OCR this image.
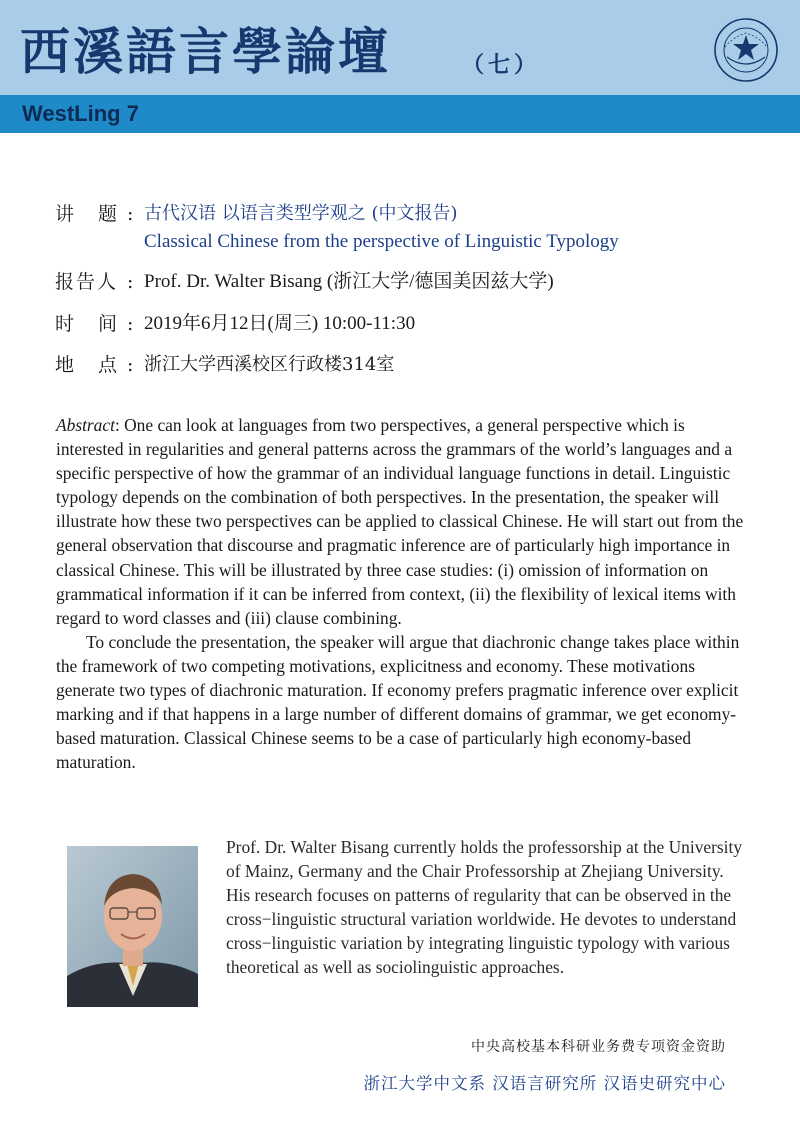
西溪語言學論壇	（七）
WestLing 7
讲 题 : 古代汉语 以语言类型学观之 (中文报告)
Classical Chinese from the perspective of Linguistic Typology
报告人 : Prof. Dr. Walter Bisang (浙江大学/德国美因兹大学)
时 间 : 2019年6月12日(周三) 10:00-11:30
地 点 : 浙江大学西溪校区行政楼314室

Abstract: One can look at languages from two perspectives, a general perspective which is interested in regularities and general patterns across the grammars of the world’s languages and a specific perspective of how the grammar of an individual language functions in detail. Linguistic typology depends on the combination of both perspectives. In the presentation, the speaker will illustrate how these two perspectives can be applied to classical Chinese. He will start out from the general observation that discourse and pragmatic inference are of particularly high importance in classical Chinese. This will be illustrated by three case studies: (i) omission of information on grammatical information if it can be inferred from context, (ii) the flexibility of lexical items with regard to word classes and (iii) clause combining.

To conclude the presentation, the speaker will argue that diachronic change takes place within the framework of two competing motivations, explicitness and economy. These motivations generate two types of diachronic maturation. If economy prefers pragmatic inference over explicit marking and if that happens in a large number of different domains of grammar, we get economy-based maturation. Classical Chinese seems to be a case of particularly high economy-based maturation.

Prof. Dr. Walter Bisang currently holds the professorship at the University of Mainz, Germany and the Chair Professorship at Zhejiang University. His research focuses on patterns of regularity that can be observed in the cross−linguistic structural variation worldwide. He devotes to understand cross−linguistic variation by integrating linguistic typology with various theoretical as well as sociolinguistic approaches.
中央高校基本科研业务费专项资金资助
浙江大学中文系 汉语言研究所 汉语史研究中心
